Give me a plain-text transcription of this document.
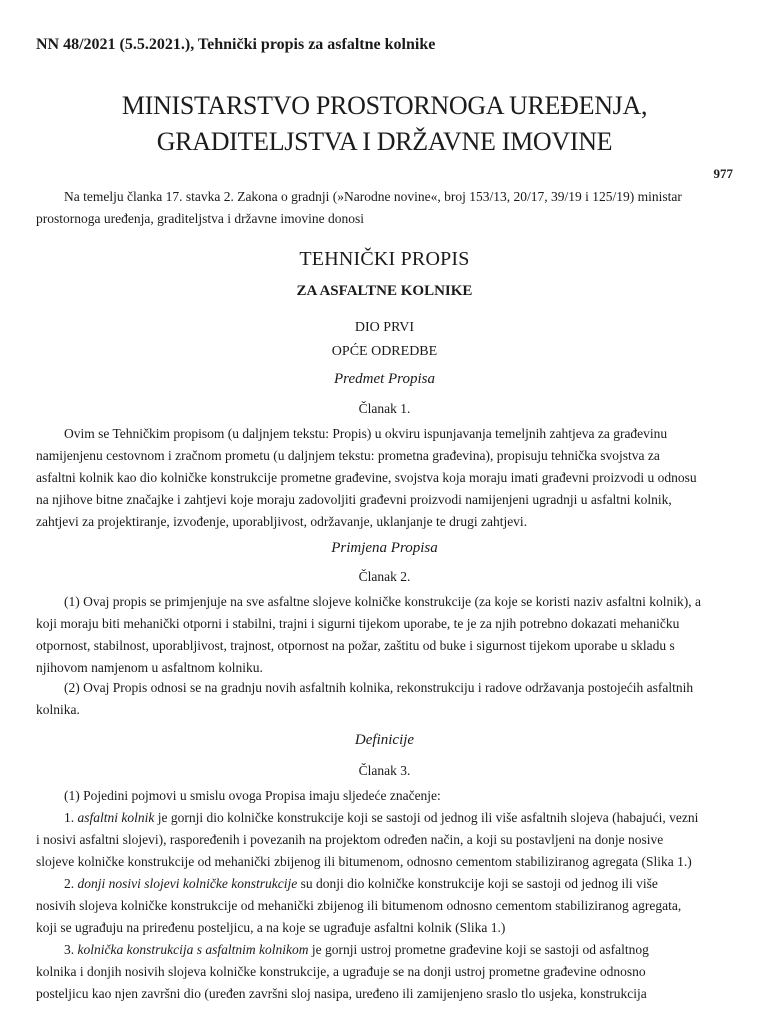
NN 48/2021 (5.5.2021.), Tehnički propis za asfaltne kolnike
MINISTARSTVO PROSTORNOGA UREĐENJA,
GRADITELJSTVA I DRŽAVNE IMOVINE
977
Na temelju članka 17. stavka 2. Zakona o gradnji (»Narodne novine«, broj 153/13, 20/17, 39/19 i 125/19) ministar
prostornoga uređenja, graditeljstva i državne imovine donosi
TEHNIČKI PROPIS
ZA ASFALTNE KOLNIKE
DIO PRVI
OPĆE ODREDBE
Predmet Propisa
Članak 1.
Ovim se Tehničkim propisom (u daljnjem tekstu: Propis) u okviru ispunjavanja temeljnih zahtjeva za građevinu
namijenjenu cestovnom i zračnom prometu (u daljnjem tekstu: prometna građevina), propisuju tehnička svojstva za
asfaltni kolnik kao dio kolničke konstrukcije prometne građevine, svojstva koja moraju imati građevni proizvodi u odnosu
na njihove bitne značajke i zahtjevi koje moraju zadovoljiti građevni proizvodi namijenjeni ugradnji u asfaltni kolnik,
zahtjevi za projektiranje, izvođenje, uporabljivost, održavanje, uklanjanje te drugi zahtjevi.
Primjena Propisa
Članak 2.
(1) Ovaj propis se primjenjuje na sve asfaltne slojeve kolničke konstrukcije (za koje se koristi naziv asfaltni kolnik), a
koji moraju biti mehanički otporni i stabilni, trajni i sigurni tijekom uporabe, te je za njih potrebno dokazati mehaničku
otpornost, stabilnost, uporabljivost, trajnost, otpornost na požar, zaštitu od buke i sigurnost tijekom uporabe u skladu s
njihovom namjenom u asfaltnom kolniku.
(2) Ovaj Propis odnosi se na gradnju novih asfaltnih kolnika, rekonstrukciju i radove održavanja postojećih asfaltnih
kolnika.
Definicije
Članak 3.
(1) Pojedini pojmovi u smislu ovoga Propisa imaju sljedeće značenje:
1. asfaltni kolnik je gornji dio kolničke konstrukcije koji se sastoji od jednog ili više asfaltnih slojeva (habajući, vezni
i nosivi asfaltni slojevi), raspoređenih i povezanih na projektom određen način, a koji su postavljeni na donje nosive
slojeve kolničke konstrukcije od mehanički zbijenog ili bitumenom, odnosno cementom stabiliziranog agregata (Slika 1.)
2. donji nosivi slojevi kolničke konstrukcije su donji dio kolničke konstrukcije koji se sastoji od jednog ili više
nosivih slojeva kolničke konstrukcije od mehanički zbijenog ili bitumenom odnosno cementom stabiliziranog agregata,
koji se ugrađuju na priređenu posteljicu, a na koje se ugrađuje asfaltni kolnik (Slika 1.)
3. kolnička konstrukcija s asfaltnim kolnikom je gornji ustroj prometne građevine koji se sastoji od asfaltnog
kolnika i donjih nosivih slojeva kolničke konstrukcije, a ugrađuje se na donji ustroj prometne građevine odnosno
posteljicu kao njen završni dio (uređen završni sloj nasipa, uređeno ili zamijenjeno sraslo tlo usjeka, konstrukcija
